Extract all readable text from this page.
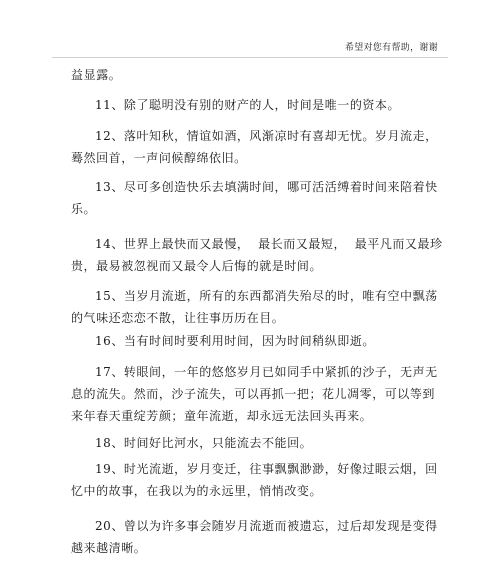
希望对您有帮助，谢谢
益显露。
11、除了聪明没有别的财产的人，时间是唯一的资本。
12、落叶知秋，情谊如酒，风渐凉时有喜却无忧。岁月流走，蓦然回首，一声问候醇绵依旧。
13、尽可多创造快乐去填满时间，哪可活活缚着时间来陪着快乐。
14、世界上最快而又最慢，  最长而又最短，  最平凡而又最珍贵，最易被忽视而又最令人后悔的就是时间。
15、当岁月流逝，所有的东西都消失殆尽的时，唯有空中飘荡的气味还恋恋不散，让往事历历在目。
16、当有时间时要利用时间，因为时间稍纵即逝。
17、转眼间，一年的悠悠岁月已如同手中紧抓的沙子，无声无息的流失。然而，沙子流失，可以再抓一把；花儿凋零，可以等到来年春天重绽芳颜；童年流逝，却永远无法回头再来。
18、时间好比河水，只能流去不能回。
19、时光流逝，岁月变迁，往事飘飘渺渺，好像过眼云烟，回忆中的故事，在我以为的永远里，悄悄改变。
20、曾以为许多事会随岁月流逝而被遗忘，过后却发现是变得越来越清晰。
